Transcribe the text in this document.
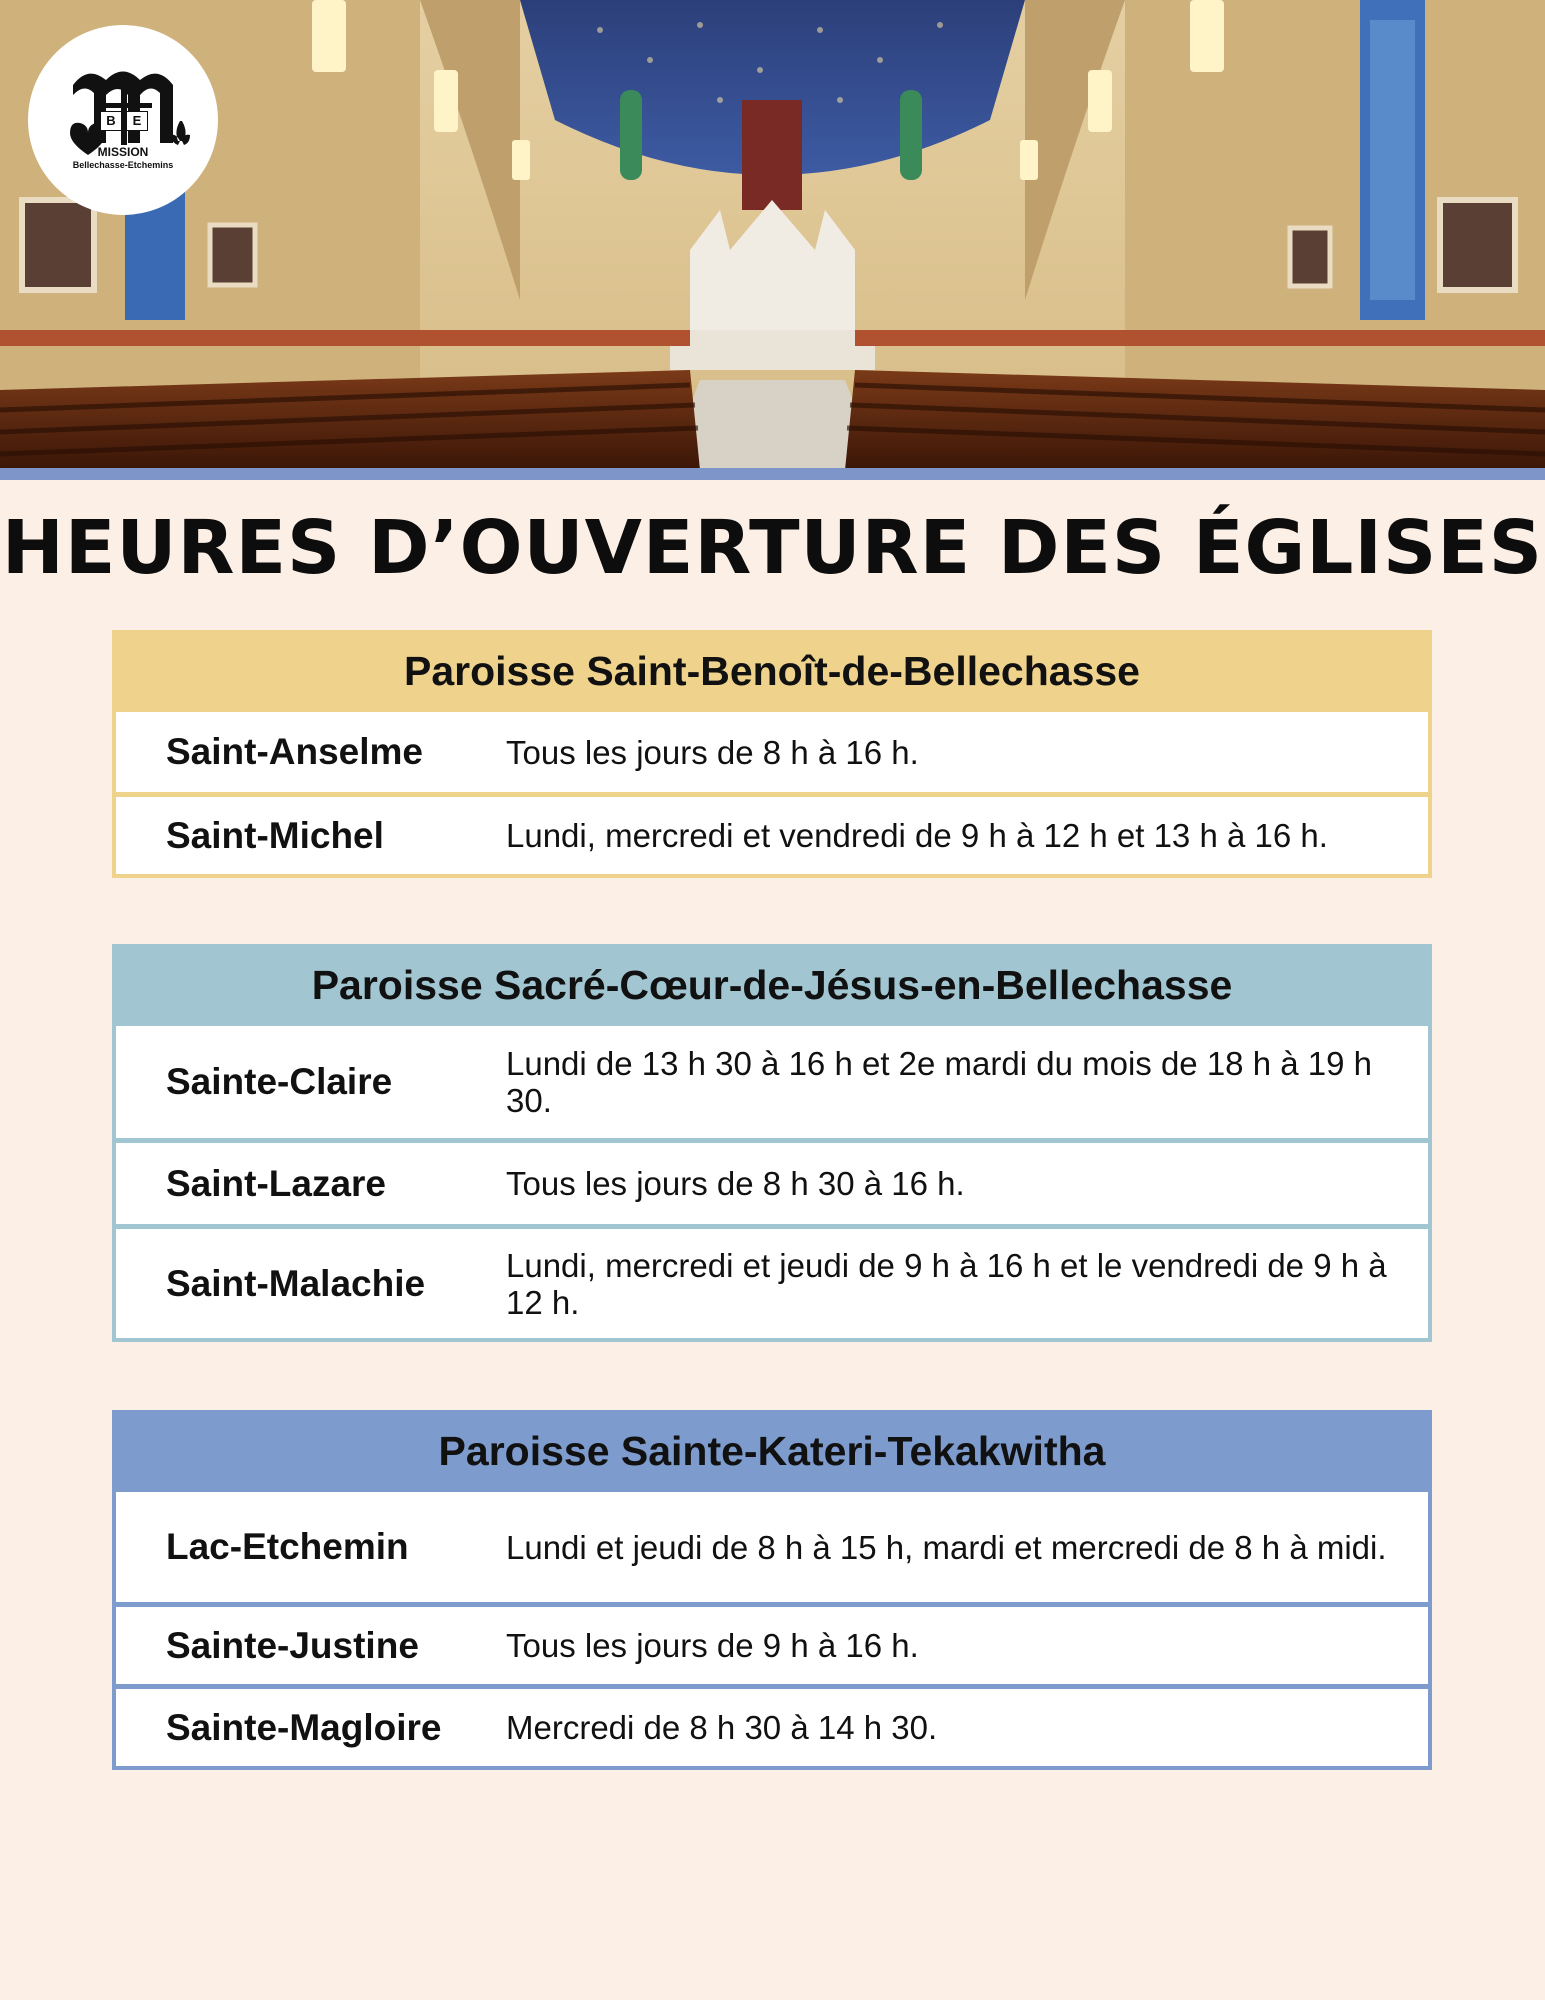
B	E
MISSION
Bellechasse-Etchemins
HEURES D’OUVERTURE DES ÉGLISES
Paroisse Saint-Benoît-de-Bellechasse
Saint-Anselme	Tous les jours de 8 h à 16 h.
Saint-Michel	Lundi, mercredi et vendredi de 9 h à 12 h et 13 h à 16 h.
Paroisse Sacré-Cœur-de-Jésus-en-Bellechasse
Sainte-Claire	Lundi de 13 h 30 à 16 h et 2e mardi du mois de 18 h à 19 h 30.
Saint-Lazare	Tous les jours de 8 h 30 à 16 h.
Saint-Malachie	Lundi, mercredi et jeudi de 9 h à 16 h et le vendredi de 9 h à 12 h.
Paroisse Sainte-Kateri-Tekakwitha
Lac-Etchemin	Lundi et jeudi de 8 h à 15 h, mardi et mercredi de 8 h à midi.
Sainte-Justine	Tous les jours de 9 h à 16 h.
Sainte-Magloire	Mercredi de 8 h 30 à 14 h 30.
